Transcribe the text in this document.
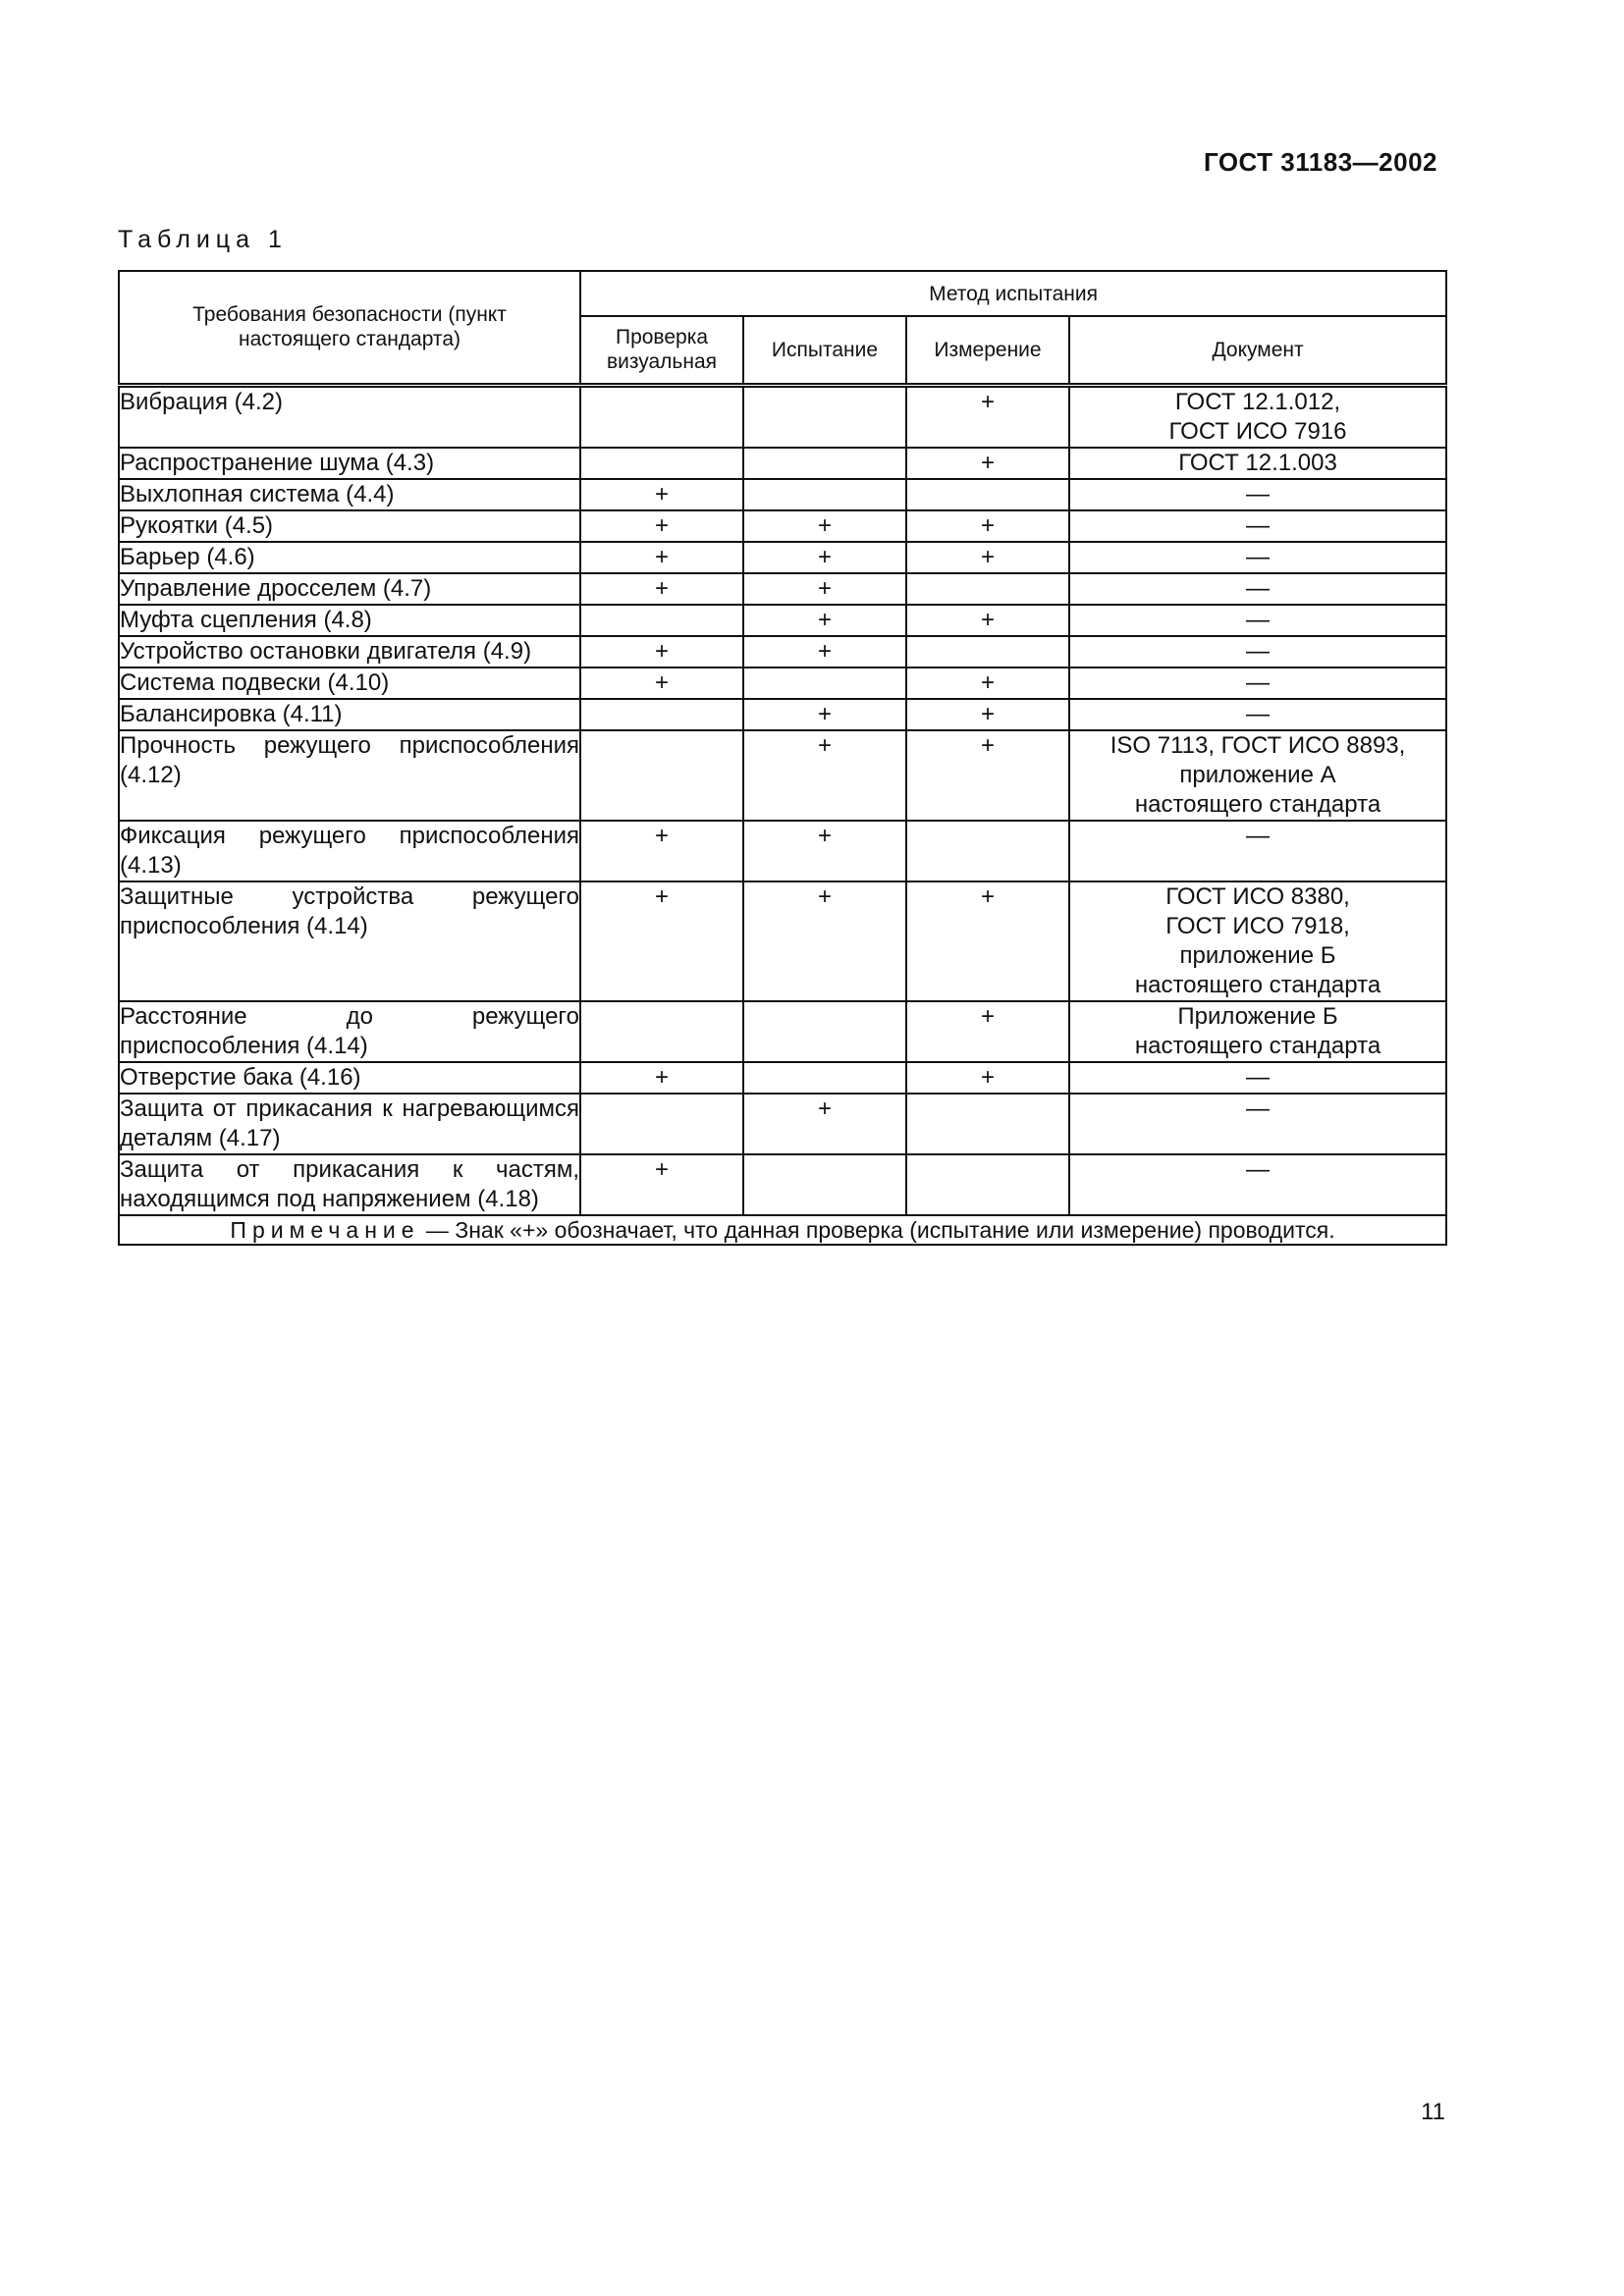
ГОСТ 31183—2002
Таблица 1
Требования безопасности (пункт настоящего стандарта)	Метод испытания			
	Проверка визуальная	Испытание	Измерение	Документ
Вибрация (4.2)			+	ГОСТ 12.1.012,
ГОСТ ИСО 7916
Распространение шума (4.3)			+	ГОСТ 12.1.003
Выхлопная система (4.4)	+			—
Рукоятки (4.5)	+	+	+	—
Барьер (4.6)	+	+	+	—
Управление дросселем (4.7)	+	+		—
Муфта сцепления (4.8)		+	+	—
Устройство остановки двигателя (4.9)	+	+		—
Система подвески (4.10)	+		+	—
Балансировка (4.11)		+	+	—
Прочность режущего приспособления (4.12)		+	+	ISO 7113, ГОСТ ИСО 8893,
приложение А
настоящего стандарта
Фиксация режущего приспособления (4.13)	+	+		—
Защитные устройства режущего приспособления (4.14)	+	+	+	ГОСТ ИСО 8380,
ГОСТ ИСО 7918,
приложение Б
настоящего стандарта
Расстояние до режущего приспособления (4.14)			+	Приложение Б
настоящего стандарта
Отверстие бака (4.16)	+		+	—
Защита от прикасания к нагревающимся деталям (4.17)		+		—
Защита от прикасания к частям, находящимся под напряжением (4.18)	+			—
Примечание — Знак «+» обозначает, что данная проверка (испытание или измерение) проводится.				
11
